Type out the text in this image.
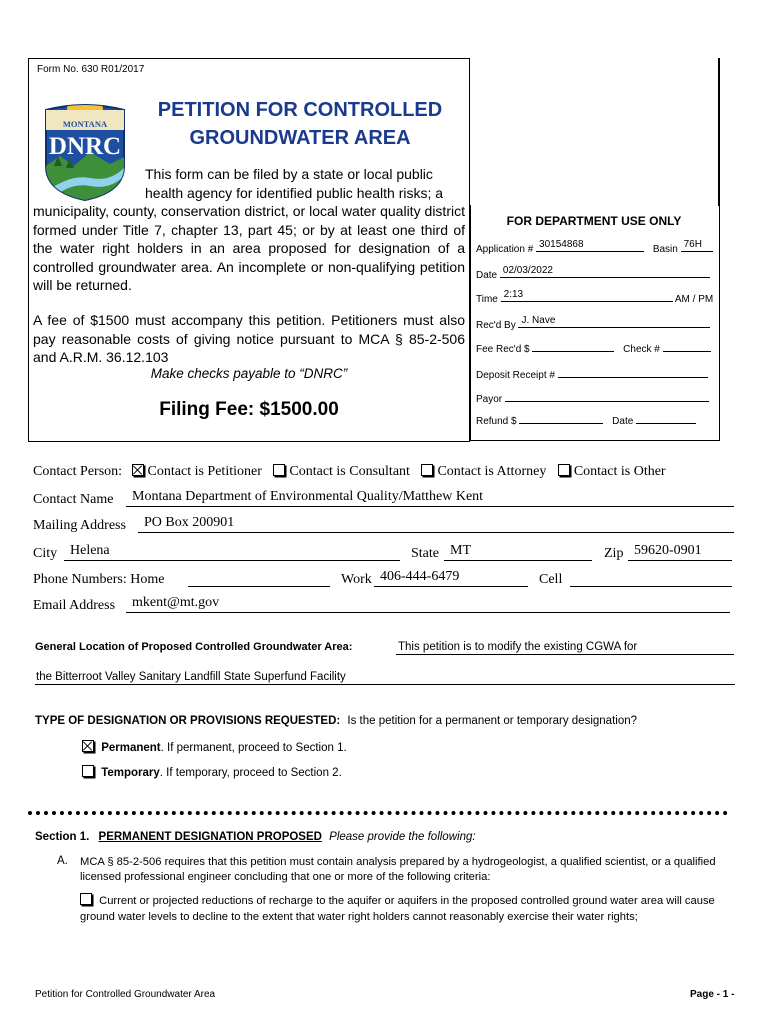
Form No. 630 R01/2017
MONTANA
DNRC
PETITION FOR CONTROLLED
GROUNDWATER AREA
This form can be filed by a state or local public
health agency for identified public health risks; a
municipality, county, conservation district, or local water quality district formed under Title 7, chapter 13, part 45; or by at least one third of the water right holders in an area proposed for designation of a controlled groundwater area. An incomplete or non-qualifying petition will be returned.
A fee of $1500 must accompany this petition. Petitioners must also pay reasonable costs of giving notice pursuant to MCA § 85-2-506 and A.R.M. 36.12.103
Make checks payable to “DNRC”
Filing Fee: $1500.00
FOR DEPARTMENT USE ONLY
Application # 30154868	Basin 76H
Date 02/03/2022
Time 2:13	AM / PM
Rec'd By J. Nave
Fee Rec'd $	Check #
Deposit Receipt #
Payor
Refund $	Date
Contact Person: Contact is Petitioner Contact is Consultant Contact is Attorney Contact is Other
Contact Name Montana Department of Environmental Quality/Matthew Kent
Mailing Address PO Box 200901
City Helena	State MT	Zip 59620-0901
Phone Numbers: Home	Work 406-444-6479	Cell
Email Address mkent@mt.gov
General Location of Proposed Controlled Groundwater Area:	This petition is to modify the existing CGWA for
the Bitterroot Valley Sanitary Landfill State Superfund Facility
TYPE OF DESIGNATION OR PROVISIONS REQUESTED: Is the petition for a permanent or temporary designation?
Permanent. If permanent, proceed to Section 1.
Temporary. If temporary, proceed to Section 2.
Section 1. PERMANENT DESIGNATION PROPOSED Please provide the following:
A. MCA § 85-2-506 requires that this petition must contain analysis prepared by a hydrogeologist, a qualified scientist, or a qualified licensed professional engineer concluding that one or more of the following criteria:
Current or projected reductions of recharge to the aquifer or aquifers in the proposed controlled ground water area will cause ground water levels to decline to the extent that water right holders cannot reasonably exercise their water rights;
Petition for Controlled Groundwater Area	Page - 1 -
